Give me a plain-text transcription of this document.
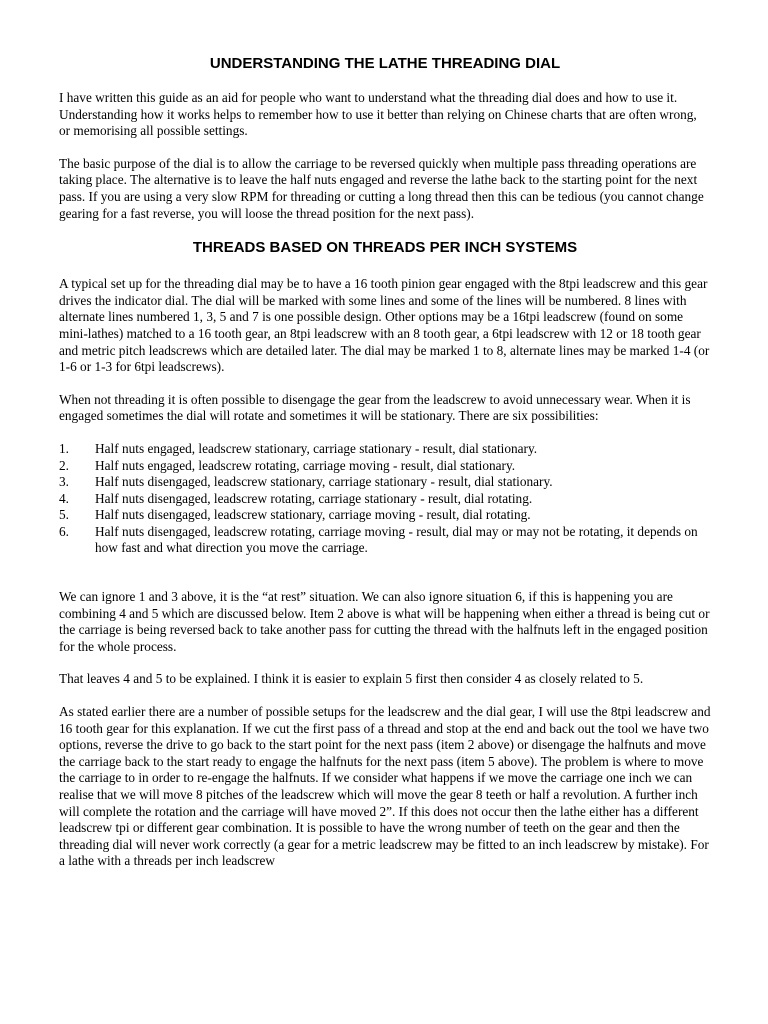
UNDERSTANDING THE LATHE THREADING DIAL

I have written this guide as an aid for people who want to understand what the threading dial does and how to use it. Understanding how it works helps to remember how to use it better than relying on Chinese charts that are often wrong, or memorising all possible settings.

The basic purpose of the dial is to allow the carriage to be reversed quickly when multiple pass threading operations are taking place. The alternative is to leave the half nuts engaged and reverse the lathe back to the starting point for the next pass. If you are using a very slow RPM for threading or cutting a long thread then this can be tedious (you cannot change gearing for a fast reverse, you will loose the thread position for the next pass).

THREADS BASED ON THREADS PER INCH SYSTEMS

A typical set up for the threading dial may be to have a 16 tooth pinion gear engaged with the 8tpi leadscrew and this gear drives the indicator dial. The dial will be marked with some lines and some of the lines will be numbered. 8 lines with alternate lines numbered 1, 3, 5 and 7 is one possible design. Other options may be a 16tpi leadscrew (found on some mini-lathes) matched to a 16 tooth gear, an 8tpi leadscrew with an 8 tooth gear, a 6tpi leadscrew with 12 or 18 tooth gear and metric pitch leadscrews which are detailed later. The dial may be marked 1 to 8, alternate lines may be marked 1-4 (or 1-6 or 1-3 for 6tpi leadscrews).

When not threading it is often possible to disengage the gear from the leadscrew to avoid unnecessary wear. When it is engaged sometimes the dial will rotate and sometimes it will be stationary. There are six possibilities:

1. Half nuts engaged, leadscrew stationary, carriage stationary - result, dial stationary.
2. Half nuts engaged, leadscrew rotating, carriage moving - result, dial stationary.
3. Half nuts disengaged, leadscrew stationary, carriage stationary - result, dial stationary.
4. Half nuts disengaged, leadscrew rotating, carriage stationary - result, dial rotating.
5. Half nuts disengaged, leadscrew stationary, carriage moving - result, dial rotating.
6. Half nuts disengaged, leadscrew rotating, carriage moving - result, dial may or may not be rotating, it depends on how fast and what direction you move the carriage.

We can ignore 1 and 3 above, it is the “at rest” situation. We can also ignore situation 6, if this is happening you are combining 4 and 5 which are discussed below. Item 2 above is what will be happening when either a thread is being cut or the carriage is being reversed back to take another pass for cutting the thread with the halfnuts left in the engaged position for the whole process.

That leaves 4 and 5 to be explained. I think it is easier to explain 5 first then consider 4 as closely related to 5.

As stated earlier there are a number of possible setups for the leadscrew and the dial gear, I will use the 8tpi leadscrew and 16 tooth gear for this explanation. If we cut the first pass of a thread and stop at the end and back out the tool we have two options, reverse the drive to go back to the start point for the next pass (item 2 above) or disengage the halfnuts and move the carriage back to the start ready to engage the halfnuts for the next pass (item 5 above). The problem is where to move the carriage to in order to re-engage the halfnuts. If we consider what happens if we move the carriage one inch we can realise that we will move 8 pitches of the leadscrew which will move the gear 8 teeth or half a revolution. A further inch will complete the rotation and the carriage will have moved 2”. If this does not occur then the lathe either has a different leadscrew tpi or different gear combination. It is possible to have the wrong number of teeth on the gear and then the threading dial will never work correctly (a gear for a metric leadscrew may be fitted to an inch leadscrew by mistake). For a lathe with a threads per inch leadscrew
